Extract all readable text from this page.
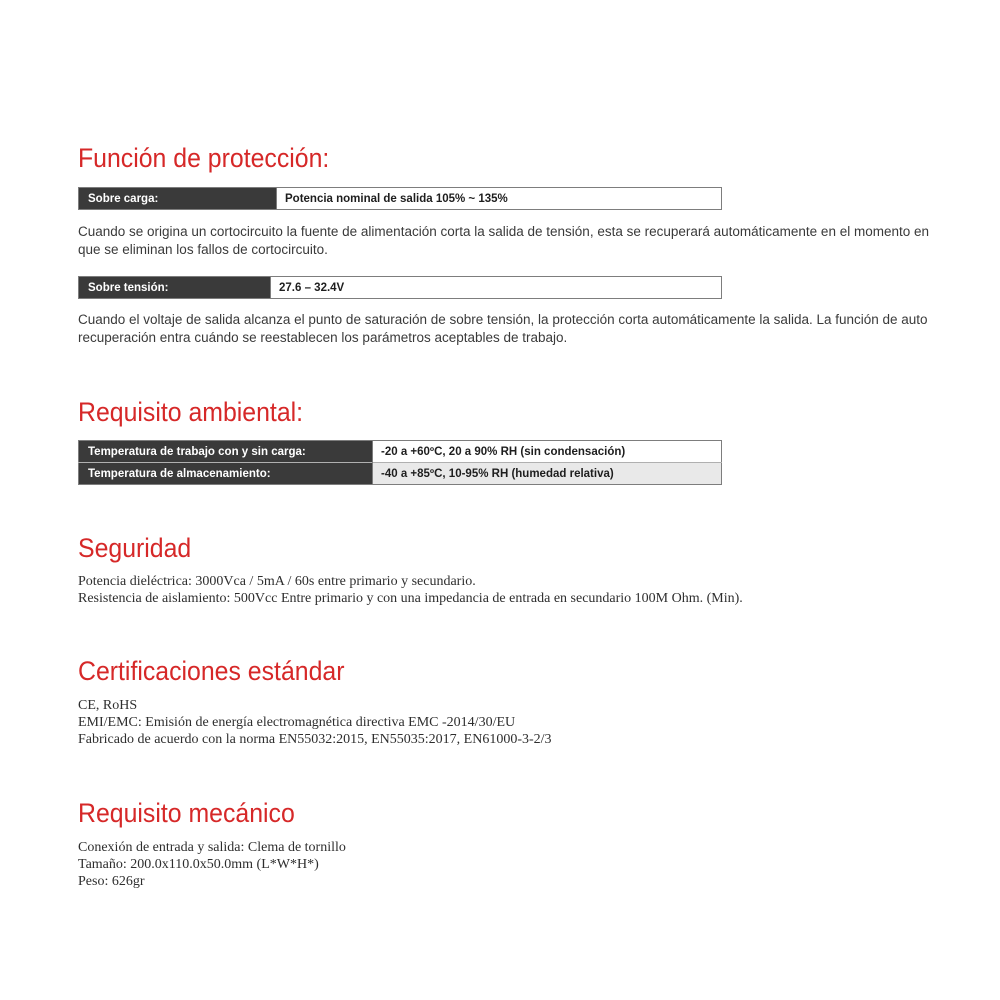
Función de protección:
Sobre carga:	Potencia nominal de salida 105% ~ 135%

Cuando se origina un cortocircuito la fuente de alimentación corta la salida de tensión, esta se recuperará automáticamente en el momento en que se eliminan los fallos de cortocircuito.

Sobre tensión:	27.6 – 32.4V

Cuando el voltaje de salida alcanza el punto de saturación de sobre tensión, la protección corta automáticamente la salida. La función de auto recuperación entra cuándo se reestablecen los parámetros aceptables de trabajo.

Requisito ambiental:
Temperatura de trabajo con y sin carga:	-20 a +60ºC, 20 a 90% RH (sin condensación)
Temperatura de almacenamiento:	-40 a +85ºC, 10-95% RH (humedad relativa)
Seguridad
Potencia dieléctrica: 3000Vca / 5mA / 60s entre primario y secundario.
Resistencia de aislamiento: 500Vcc Entre primario y con una impedancia de entrada en secundario 100M Ohm. (Min).
Certificaciones estándar
CE, RoHS
EMI/EMC: Emisión de energía electromagnética directiva EMC -2014/30/EU
Fabricado de acuerdo con la norma EN55032:2015, EN55035:2017, EN61000-3-2/3
Requisito mecánico
Conexión de entrada y salida: Clema de tornillo
Tamaño: 200.0x110.0x50.0mm (L*W*H*)
Peso: 626gr
